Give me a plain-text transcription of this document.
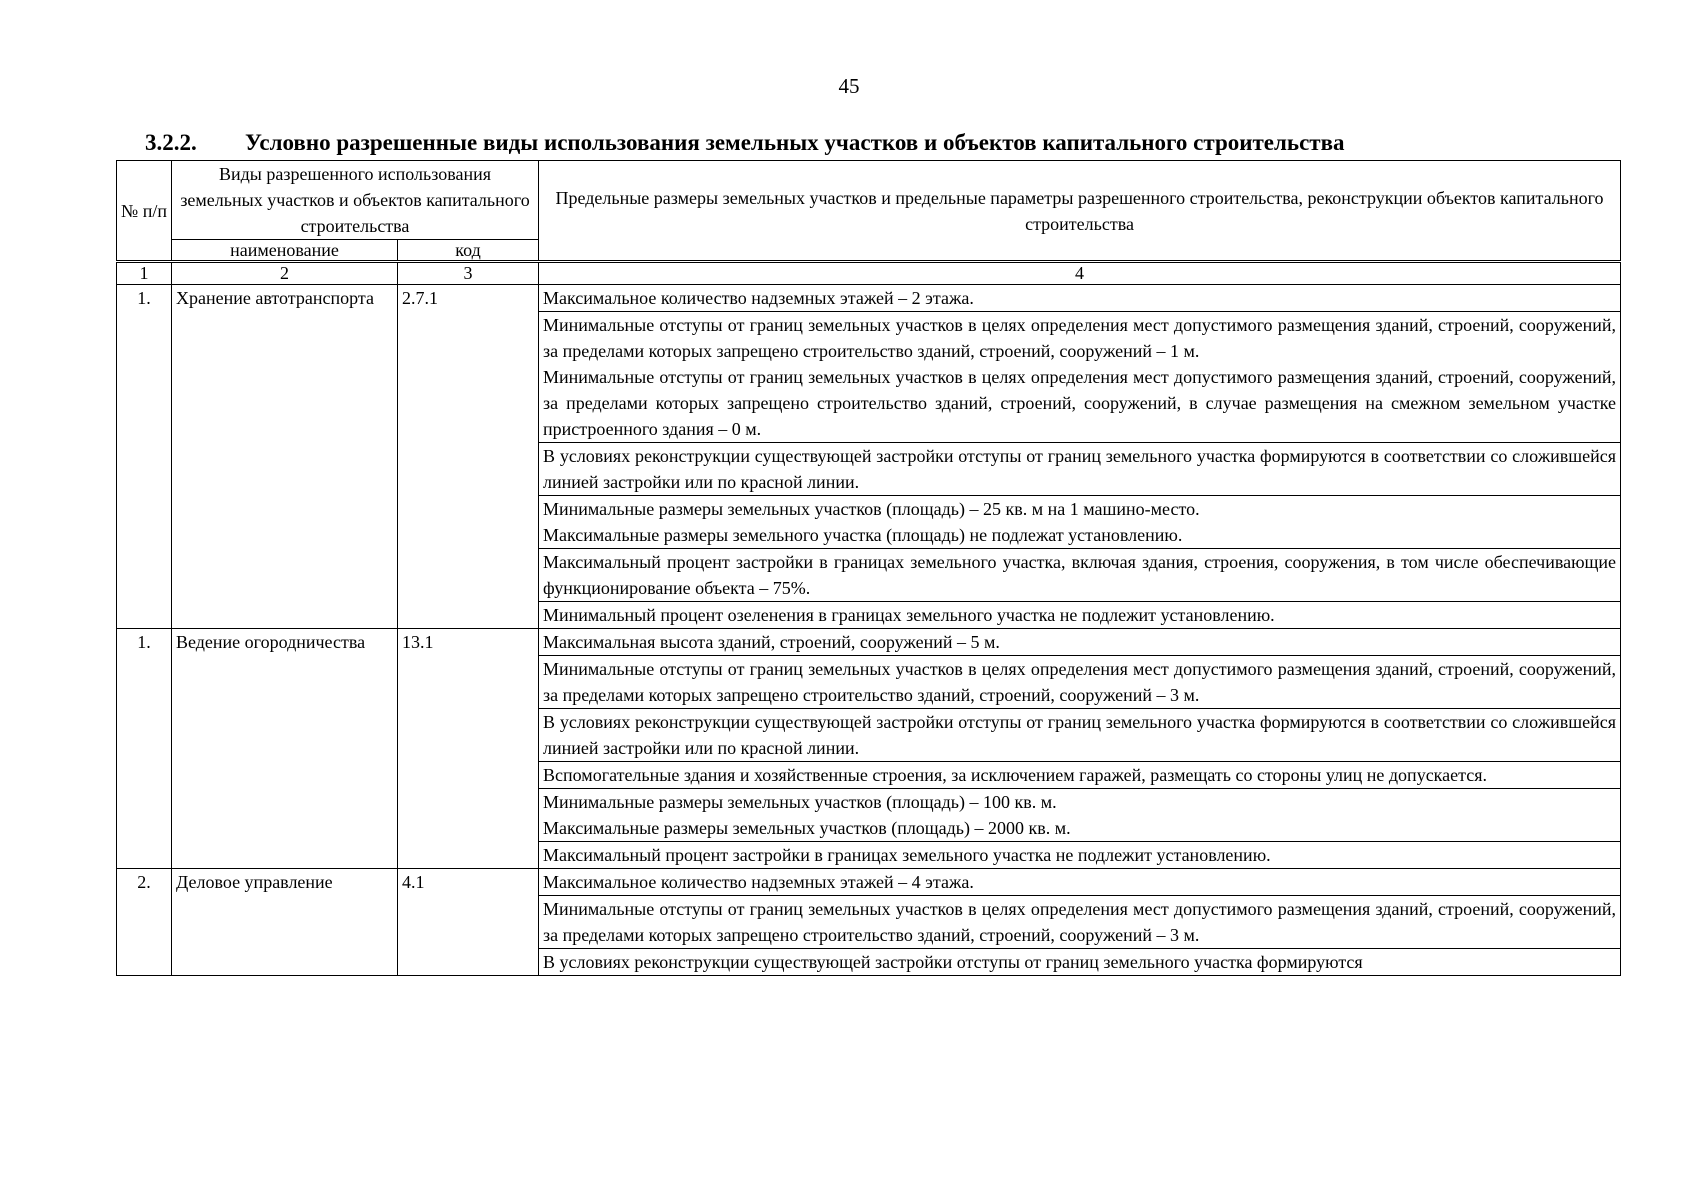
45
3.2.2. Условно разрешенные виды использования земельных участков и объектов капитального строительства
№ п/п	Виды разрешенного использования земельных участков и объектов капитального строительства		Предельные размеры земельных участков и предельные параметры разрешенного строительства, реконструкции объектов капитального строительства
	наименование	код	
1	2	3	4
1.	Хранение автотранспорта	2.7.1	Максимальное количество надземных этажей – 2 этажа.

			Минимальные отступы от границ земельных участков в целях определения мест допустимого размещения зданий, строений, сооружений, за пределами которых запрещено строительство зданий, строений, сооружений – 1 м.

Минимальные отступы от границ земельных участков в целях определения мест допустимого размещения зданий, строений, сооружений, за пределами которых запрещено строительство зданий, строений, сооружений, в случае размещения на смежном земельном участке пристроенного здания – 0 м.

			В условиях реконструкции существующей застройки отступы от границ земельного участка формируются в соответствии со сложившейся линией застройки или по красной линии.

			Минимальные размеры земельных участков (площадь) – 25 кв. м на 1 машино-место.

Максимальные размеры земельного участка (площадь) не подлежат установлению.

			Максимальный процент застройки в границах земельного участка, включая здания, строения, сооружения, в том числе обеспечивающие функционирование объекта – 75%.

			Минимальный процент озеленения в границах земельного участка не подлежит установлению.

1.	Ведение огородничества	13.1	Максимальная высота зданий, строений, сооружений – 5 м.

			Минимальные отступы от границ земельных участков в целях определения мест допустимого размещения зданий, строений, сооружений, за пределами которых запрещено строительство зданий, строений, сооружений – 3 м.

			В условиях реконструкции существующей застройки отступы от границ земельного участка формируются в соответствии со сложившейся линией застройки или по красной линии.

			Вспомогательные здания и хозяйственные строения, за исключением гаражей, размещать со стороны улиц не допускается.

			Минимальные размеры земельных участков (площадь) – 100 кв. м.

Максимальные размеры земельных участков (площадь) – 2000 кв. м.

			Максимальный процент застройки в границах земельного участка не подлежит установлению.

2.	Деловое управление	4.1	Максимальное количество надземных этажей – 4 этажа.

			Минимальные отступы от границ земельных участков в целях определения мест допустимого размещения зданий, строений, сооружений, за пределами которых запрещено строительство зданий, строений, сооружений – 3 м.

			В условиях реконструкции существующей застройки отступы от границ земельного участка формируются
